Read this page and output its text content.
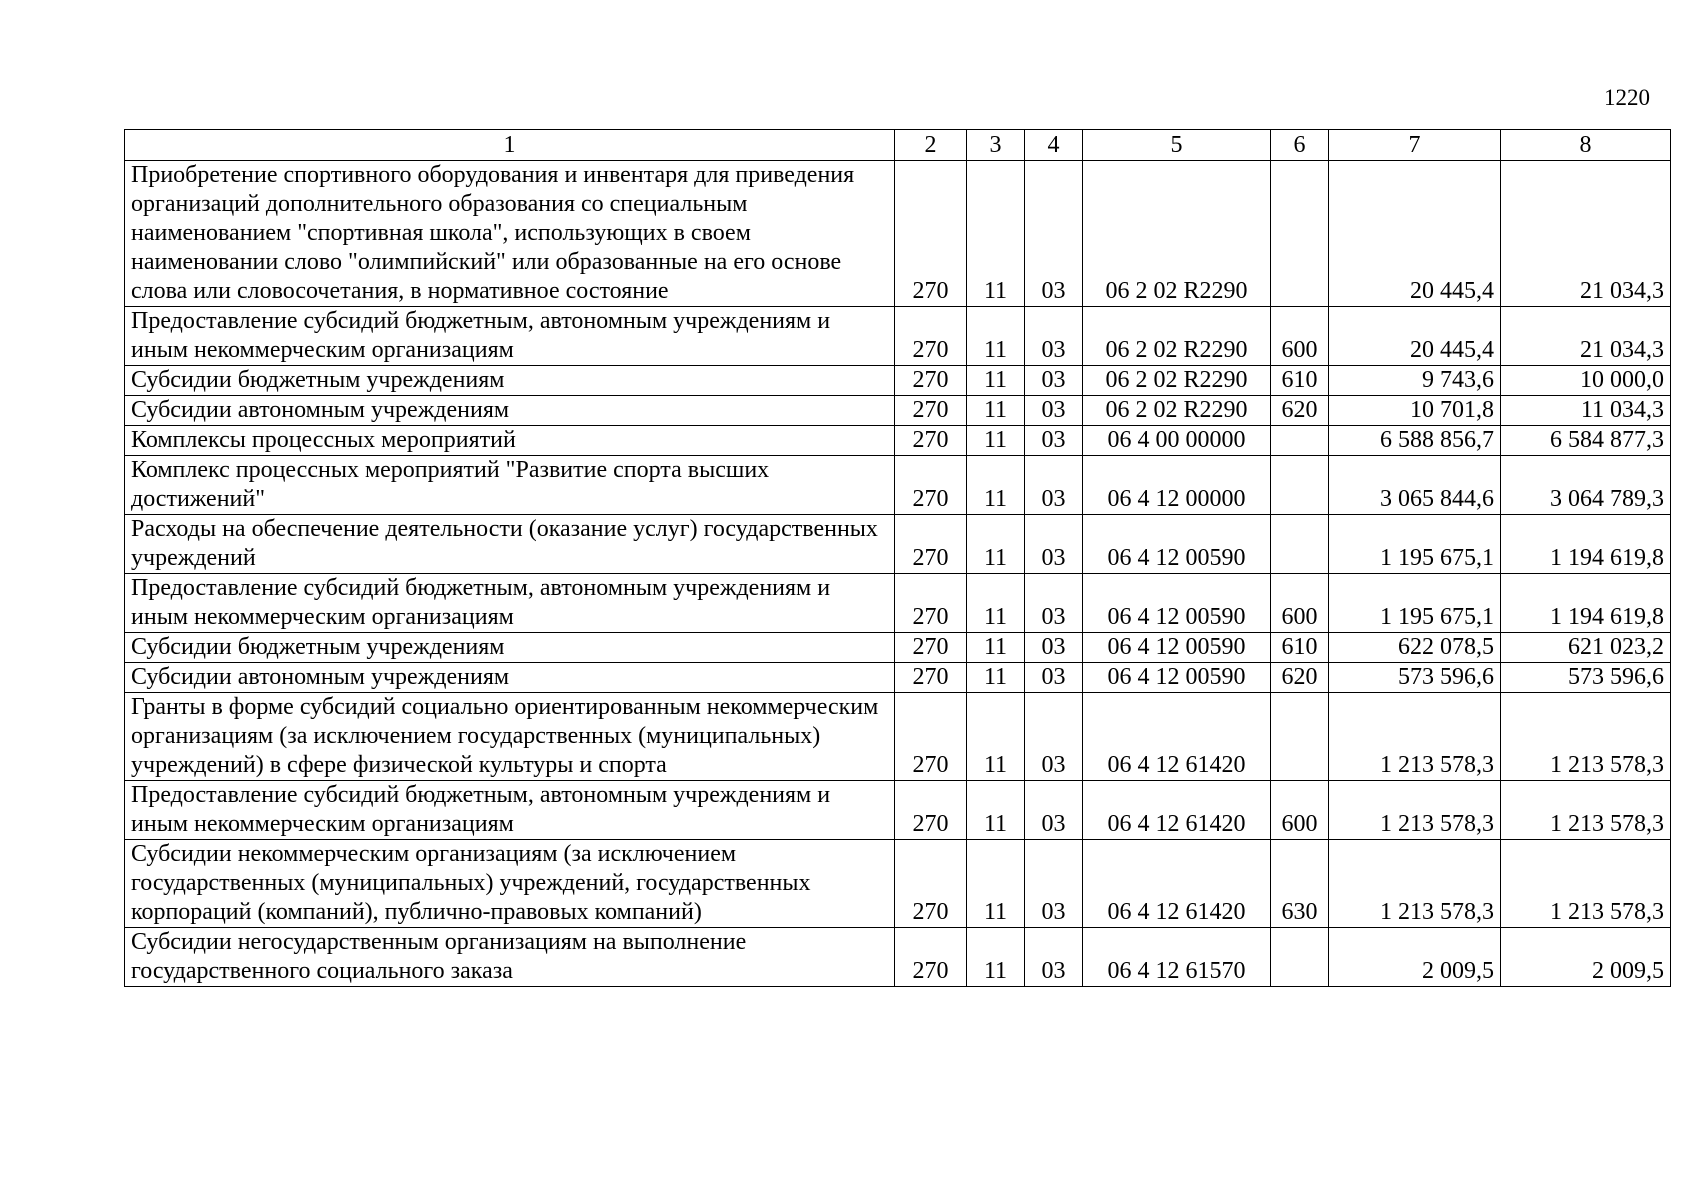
1220
1	2	3	4	5	6	7	8
Приобретение спортивного оборудования и инвентаря для приведения организаций дополнительного образования со специальным наименованием "спортивная школа", использующих в своем наименовании слово "олимпийский" или образованные на его основе слова или словосочетания, в нормативное состояние	270	11	03	06 2 02 R2290		20 445,4	21 034,3
Предоставление субсидий бюджетным, автономным учреждениям и иным некоммерческим организациям	270	11	03	06 2 02 R2290	600	20 445,4	21 034,3
Субсидии бюджетным учреждениям	270	11	03	06 2 02 R2290	610	9 743,6	10 000,0
Субсидии автономным учреждениям	270	11	03	06 2 02 R2290	620	10 701,8	11 034,3
Комплексы процессных мероприятий	270	11	03	06 4 00 00000		6 588 856,7	6 584 877,3
Комплекс процессных мероприятий "Развитие спорта высших достижений"	270	11	03	06 4 12 00000		3 065 844,6	3 064 789,3
Расходы на обеспечение деятельности (оказание услуг) государственных учреждений	270	11	03	06 4 12 00590		1 195 675,1	1 194 619,8
Предоставление субсидий бюджетным, автономным учреждениям и иным некоммерческим организациям	270	11	03	06 4 12 00590	600	1 195 675,1	1 194 619,8
Субсидии бюджетным учреждениям	270	11	03	06 4 12 00590	610	622 078,5	621 023,2
Субсидии автономным учреждениям	270	11	03	06 4 12 00590	620	573 596,6	573 596,6
Гранты в форме субсидий социально ориентированным некоммерческим организациям (за исключением государственных (муниципальных) учреждений) в сфере физической культуры и спорта	270	11	03	06 4 12 61420		1 213 578,3	1 213 578,3
Предоставление субсидий бюджетным, автономным учреждениям и иным некоммерческим организациям	270	11	03	06 4 12 61420	600	1 213 578,3	1 213 578,3
Субсидии некоммерческим организациям (за исключением государственных (муниципальных) учреждений, государственных корпораций (компаний), публично-правовых компаний)	270	11	03	06 4 12 61420	630	1 213 578,3	1 213 578,3
Субсидии негосударственным организациям на выполнение государственного социального заказа	270	11	03	06 4 12 61570		2 009,5	2 009,5
